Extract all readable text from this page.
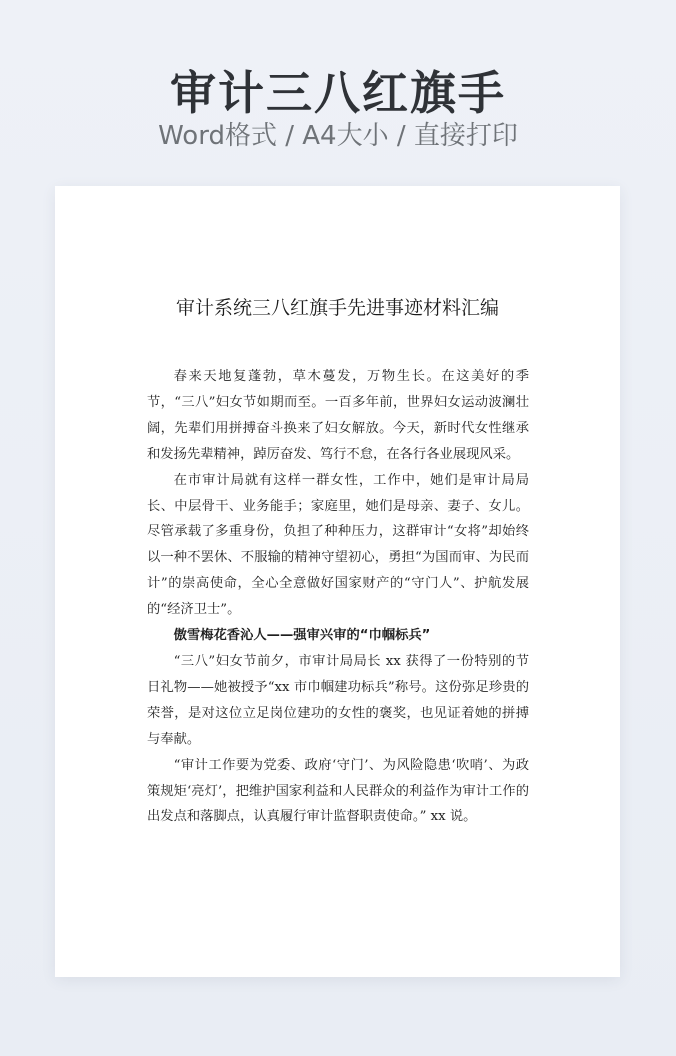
审计三八红旗手
Word格式 / A4大小 / 直接打印
审计系统三八红旗手先进事迹材料汇编

春来天地复蓬勃，草木蔓发，万物生长。在这美好的季节，“三八”妇女节如期而至。一百多年前，世界妇女运动波澜壮阔，先辈们用拼搏奋斗换来了妇女解放。今天，新时代女性继承和发扬先辈精神，踔厉奋发、笃行不怠，在各行各业展现风采。

在市审计局就有这样一群女性，工作中，她们是审计局局长、中层骨干、业务能手；家庭里，她们是母亲、妻子、女儿。尽管承载了多重身份，负担了种种压力，这群审计“女将”却始终以一种不罢休、不服输的精神守望初心，勇担“为国而审、为民而计”的崇高使命，全心全意做好国家财产的“守门人”、护航发展的“经济卫士”。

傲雪梅花香沁人——强审兴审的“巾帼标兵”

“三八”妇女节前夕，市审计局局长 xx 获得了一份特别的节日礼物——她被授予“xx 市巾帼建功标兵”称号。这份弥足珍贵的荣誉，是对这位立足岗位建功的女性的褒奖，也见证着她的拼搏与奉献。

“审计工作要为党委、政府‘守门’、为风险隐患‘吹哨’、为政策规矩‘亮灯’，把维护国家利益和人民群众的利益作为审计工作的出发点和落脚点，认真履行审计监督职责使命。” xx 说。
